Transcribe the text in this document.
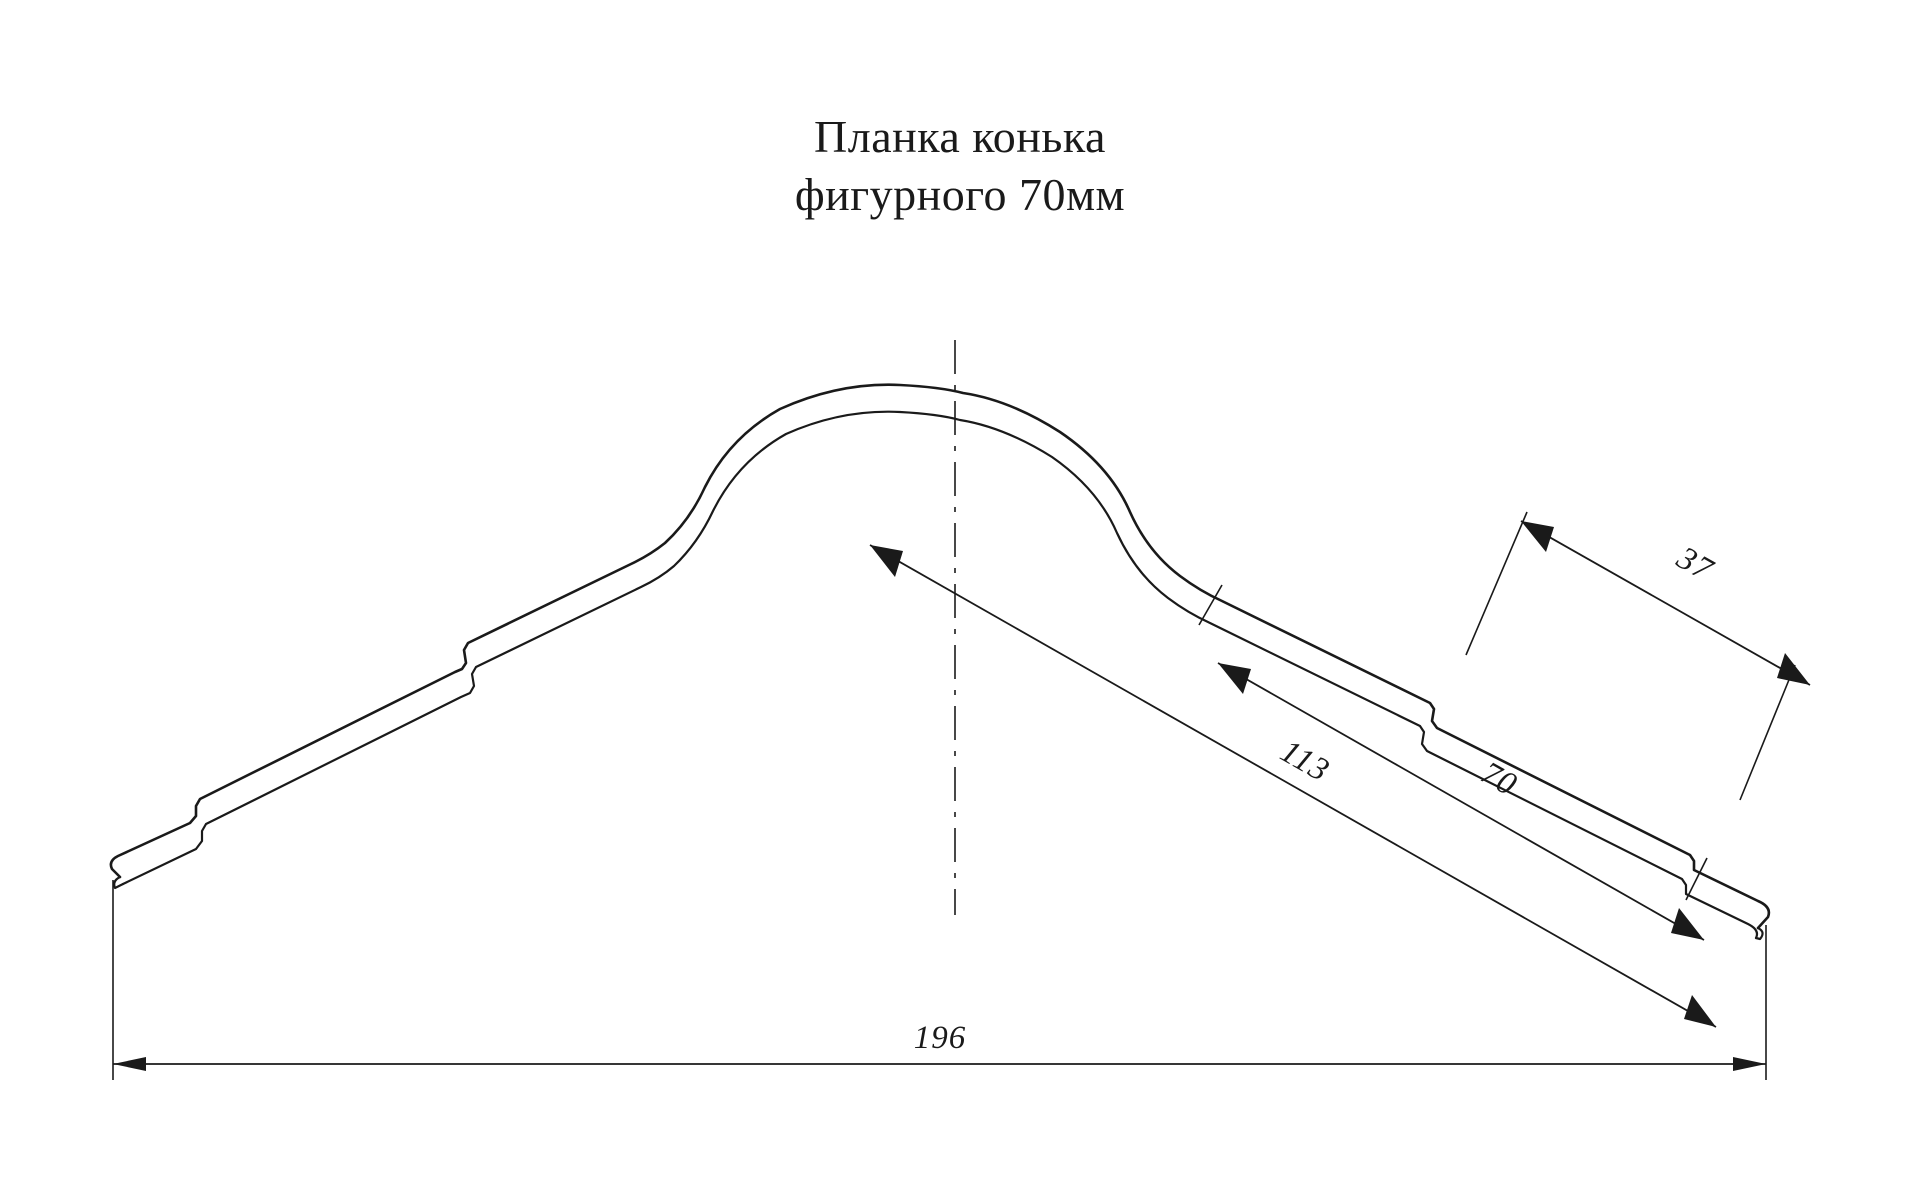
Планка конька
фигурного 70мм
196
113	70
37
